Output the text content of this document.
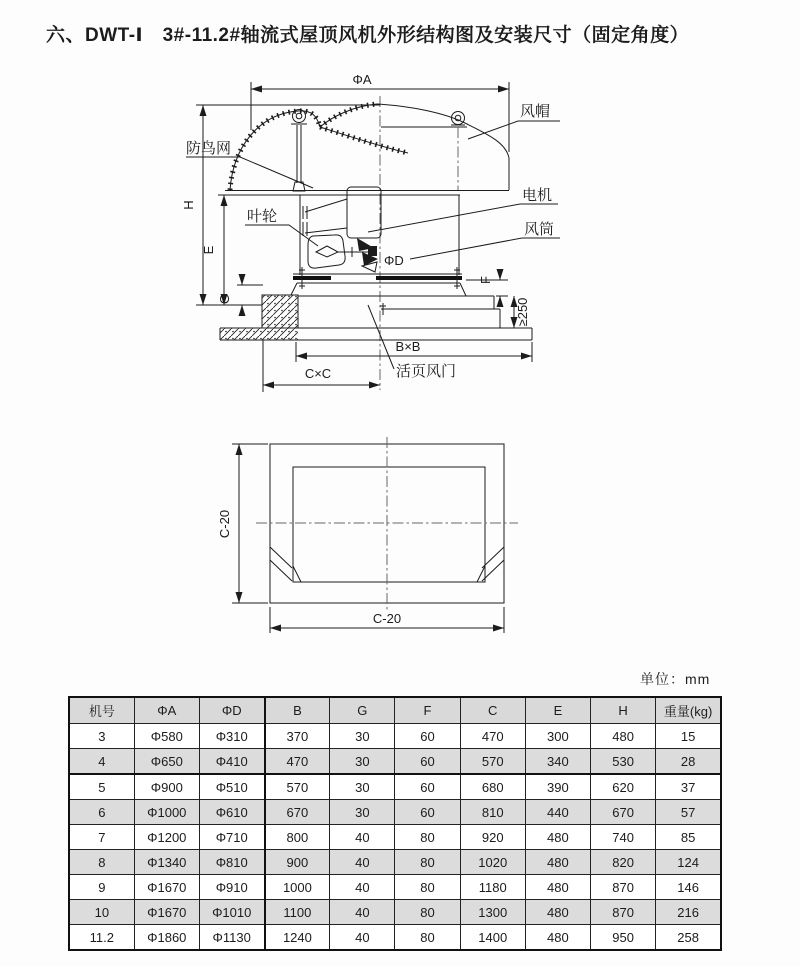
六、DWT-Ⅰ　3#-11.2#轴流式屋顶风机外形结构图及安装尺寸（固定角度）
ΦA
H
E
G
F
≥250
B×B
C×C
防鸟网
风帽
电机
风筒
叶轮
ΦD
活页风门
C-20
C-20
单位：mm
机号	ΦA	ΦD	B	G	F	C	E	H	重量(kg)
3	Φ580	Φ310	370	30	60	470	300	480	15
4	Φ650	Φ410	470	30	60	570	340	530	28
5	Φ900	Φ510	570	30	60	680	390	620	37
6	Φ1000	Φ610	670	30	60	810	440	670	57
7	Φ1200	Φ710	800	40	80	920	480	740	85
8	Φ1340	Φ810	900	40	80	1020	480	820	124
9	Φ1670	Φ910	1000	40	80	1180	480	870	146
10	Φ1670	Φ1010	1100	40	80	1300	480	870	216
11.2	Φ1860	Φ1130	1240	40	80	1400	480	950	258
